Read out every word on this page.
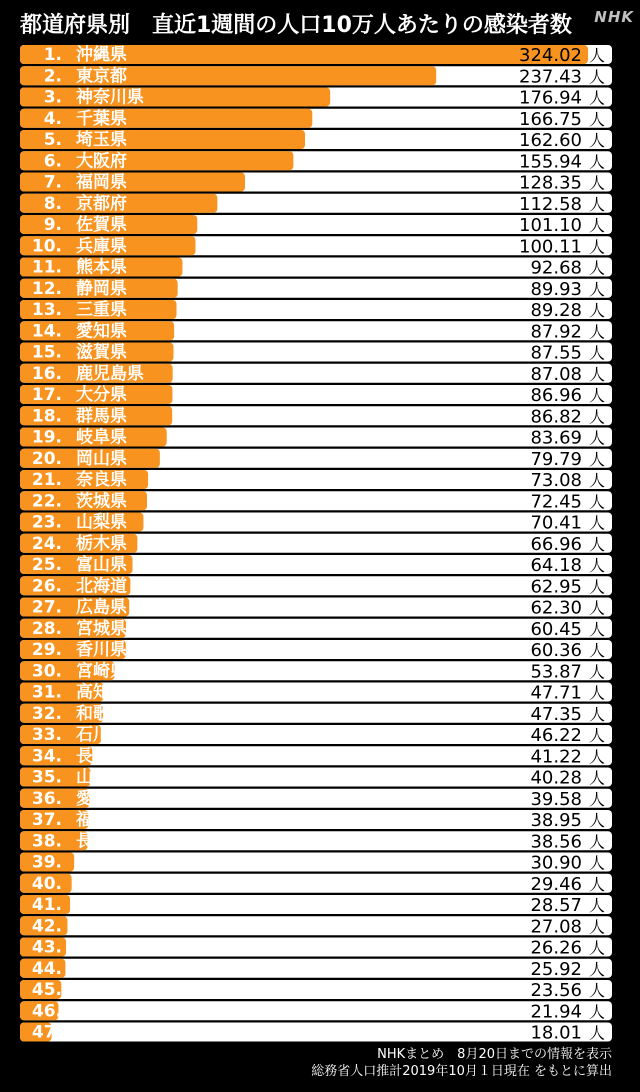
都道府県別　直近1週間の人口10万人あたりの感染者数	NHK
1. 沖縄県	324.02 人
2. 東京都	237.43 人
3. 神奈川県	176.94 人
4. 千葉県	166.75 人
5. 埼玉県	162.60 人
6. 大阪府	155.94 人
7. 福岡県	128.35 人
8. 京都府	112.58 人
9. 佐賀県	101.10 人
10. 兵庫県	100.11 人
11. 熊本県	92.68 人
12. 静岡県	89.93 人
13. 三重県	89.28 人
14. 愛知県	87.92 人
15. 滋賀県	87.55 人
16. 鹿児島県	87.08 人
17. 大分県	86.96 人
18. 群馬県	86.82 人
19. 岐阜県	83.69 人
20. 岡山県	79.79 人
21. 奈良県	73.08 人
22. 茨城県	72.45 人
23. 山梨県	70.41 人
24. 栃木県	66.96 人
25. 富山県	64.18 人
26. 北海道	62.95 人
27. 広島県	62.30 人
28. 宮城県	60.45 人
29. 香川県	60.36 人
30. 宮崎県	53.87 人
31. 高知県	47.71 人
32. 和歌山県	47.35 人
33. 石川県	46.22 人
34. 長崎県	41.22 人
35. 山口県	40.28 人
36. 愛媛県	39.58 人
37. 福島県	38.95 人
38. 長野県	38.56 人
39. 青森県	30.90 人
40. 新潟県	29.46 人
41. 徳島県	28.57 人
42. 福井県	27.08 人
43. 島根県	26.26 人
44. 岩手県	25.92 人
45. 山形県	23.56 人
46. 鳥取県	21.94 人
47. 秋田県	18.01 人
NHKまとめ　8月20日までの情報を表示
総務省人口推計2019年10月１日現在 をもとに算出
